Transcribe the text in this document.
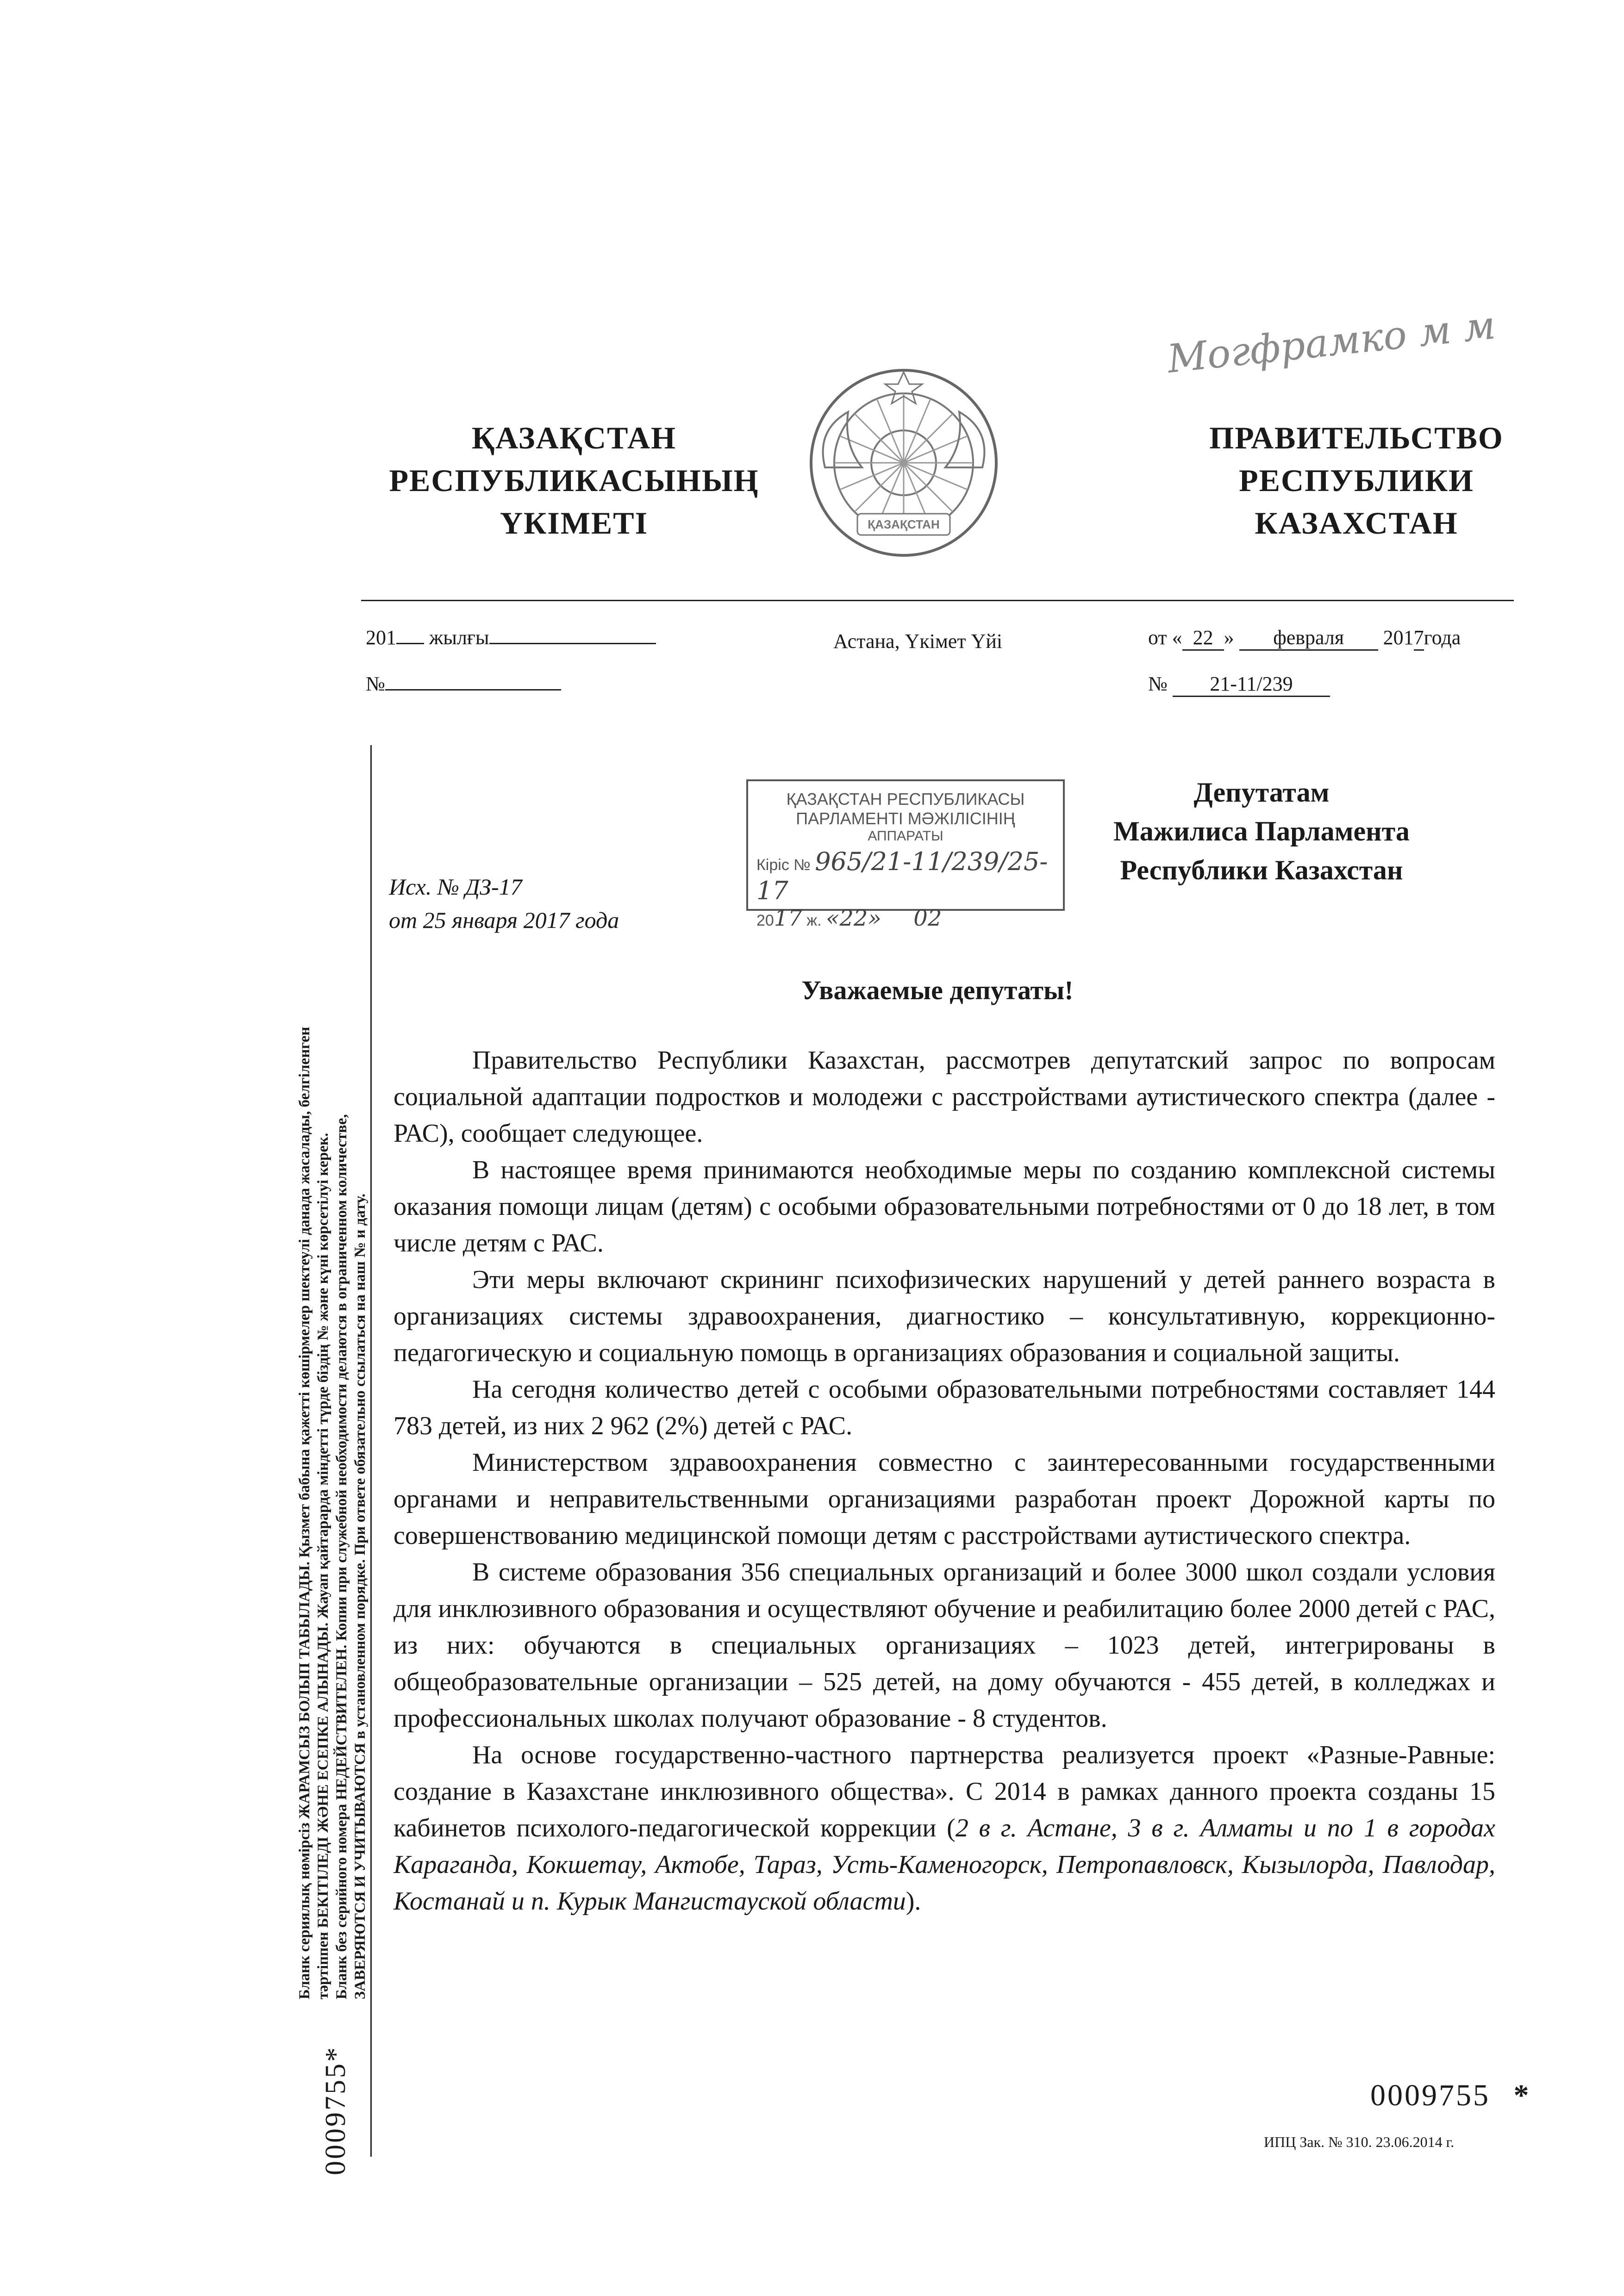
Могфрамко м м
ҚАЗАҚСТАН
РЕСПУБЛИКАСЫНЫҢ
ҮКІМЕТІ	ҚАЗАҚСТАН
ПРАВИТЕЛЬСТВО
РЕСПУБЛИКИ
КАЗАХСТАН
201 жылғы
№
Астана, Үкімет Үйі	от « 22 » февраля 2017года
№ 21-11/239
Бланк сериялық нөмірсіз ЖАРАМСЫЗ БОЛЫП ТАБЫЛАДЫ. Қызмет бабына қажетті көшірмелер шектеулі данада жасалады, белгіленген тәртіппен БЕКІТІЛЕДІ ЖӘНЕ ЕСЕПКЕ АЛЫНАДЫ. Жауап қайтарарда міндетті түрде біздің № және күні көрсетілуі керек. Бланк без серийного номера НЕДЕЙСТВИТЕЛЕН. Копии при служебной необходимости делаются в ограниченном количестве, ЗАВЕРЯЮТСЯ И УЧИТЫВАЮТСЯ в установленном порядке. При ответе обязательно ссылаться на наш № и дату.
0009755*
ҚАЗАҚСТАН РЕСПУБЛИКАСЫ
ПАРЛАМЕНТІ МӘЖІЛІСІНІҢ
АППАРАТЫ
Кіріс № 965/21-11/239/25-17
2017 ж. «22» 02
Депутатам
Мажилиса Парламента
Республики Казахстан
Исх. № ДЗ-17
от 25 января 2017 года
Уважаемые депутаты!

Правительство Республики Казахстан, рассмотрев депутатский запрос по вопросам социальной адаптации подростков и молодежи с расстройствами аутистического спектра (далее - РАС), сообщает следующее.

В настоящее время принимаются необходимые меры по созданию комплексной системы оказания помощи лицам (детям) с особыми образовательными потребностями от 0 до 18 лет, в том числе детям с РАС.

Эти меры включают скрининг психофизических нарушений у детей раннего возраста в организациях системы здравоохранения, диагностико – консультативную, коррекционно-педагогическую и социальную помощь в организациях образования и социальной защиты.

На сегодня количество детей с особыми образовательными потребностями составляет 144 783 детей, из них 2 962 (2%) детей с РАС.

Министерством здравоохранения совместно с заинтересованными государственными органами и неправительственными организациями разработан проект Дорожной карты по совершенствованию медицинской помощи детям с расстройствами аутистического спектра.

В системе образования 356 специальных организаций и более 3000 школ создали условия для инклюзивного образования и осуществляют обучение и реабилитацию более 2000 детей с РАС, из них: обучаются в специальных организациях – 1023 детей, интегрированы в общеобразовательные организации – 525 детей, на дому обучаются - 455 детей, в колледжах и профессиональных школах получают образование - 8 студентов.

На основе государственно-частного партнерства реализуется проект «Разные-Равные: создание в Казахстане инклюзивного общества». С 2014 в рамках данного проекта созданы 15 кабинетов психолого-педагогической коррекции (2 в г. Астане, 3 в г. Алматы и по 1 в городах Караганда, Кокшетау, Актобе, Тараз, Усть-Каменогорск, Петропавловск, Кызылорда, Павлодар, Костанай и п. Курык Мангистауской области).

0009755 *
ИПЦ Зак. № 310. 23.06.2014 г.
